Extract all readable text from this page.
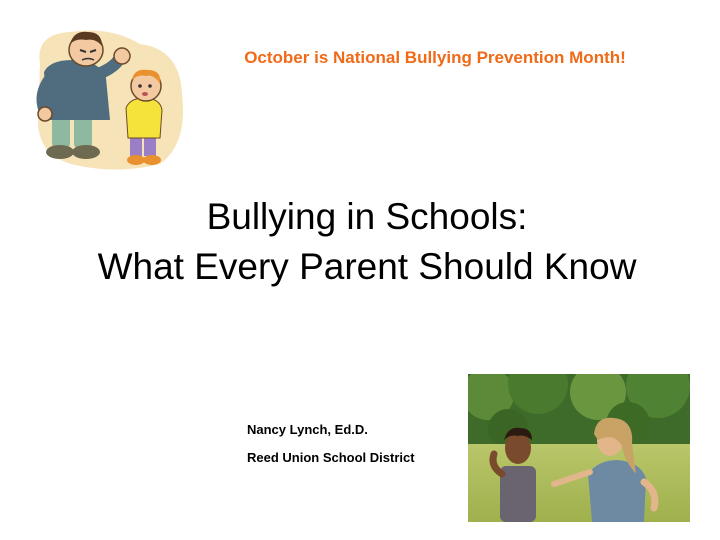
October is National Bullying Prevention Month!
Bullying in Schools:
What Every Parent Should Know
Nancy Lynch, Ed.D.
Reed Union School District
